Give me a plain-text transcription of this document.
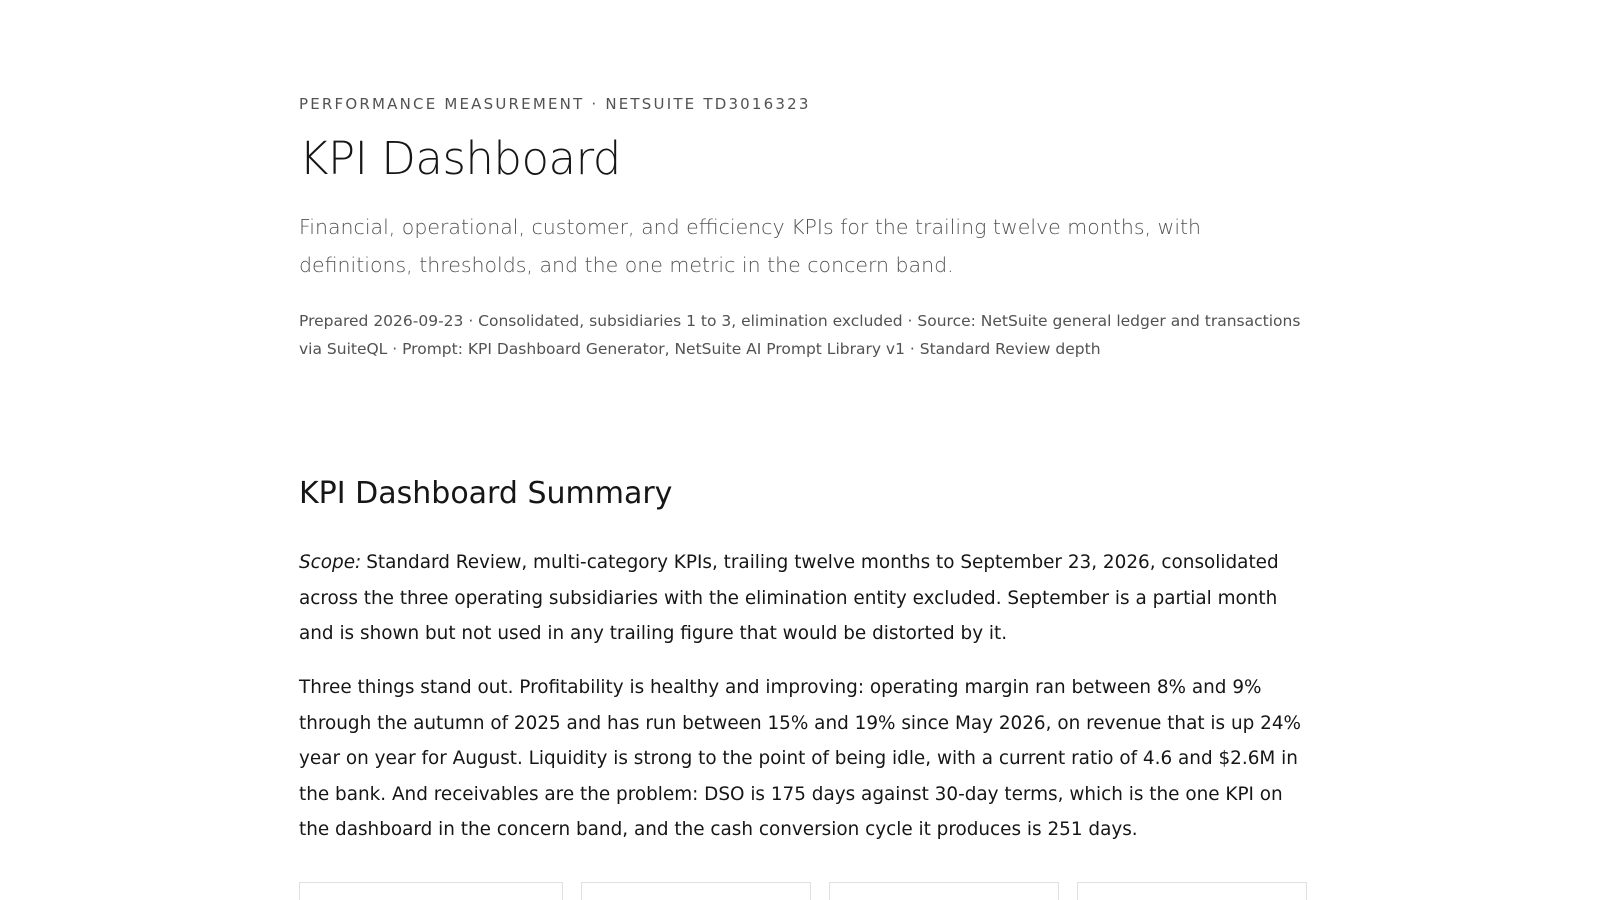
PERFORMANCE MEASUREMENT · NETSUITE TD3016323
KPI Dashboard

Financial, operational, customer, and efficiency KPIs for the trailing twelve months, with definitions, thresholds, and the one metric in the concern band.

Prepared 2026-09-23 · Consolidated, subsidiaries 1 to 3, elimination excluded · Source: NetSuite general ledger and transactions via SuiteQL · Prompt: KPI Dashboard Generator, NetSuite AI Prompt Library v1 · Standard Review depth

KPI Dashboard Summary

Scope: Standard Review, multi-category KPIs, trailing twelve months to September 23, 2026, consolidated across the three operating subsidiaries with the elimination entity excluded. September is a partial month and is shown but not used in any trailing figure that would be distorted by it.

Three things stand out. Profitability is healthy and improving: operating margin ran between 8% and 9% through the autumn of 2025 and has run between 15% and 19% since May 2026, on revenue that is up 24% year on year for August. Liquidity is strong to the point of being idle, with a current ratio of 4.6 and $2.6M in the bank. And receivables are the problem: DSO is 175 days against 30-day terms, which is the one KPI on the dashboard in the concern band, and the cash conversion cycle it produces is 251 days.
